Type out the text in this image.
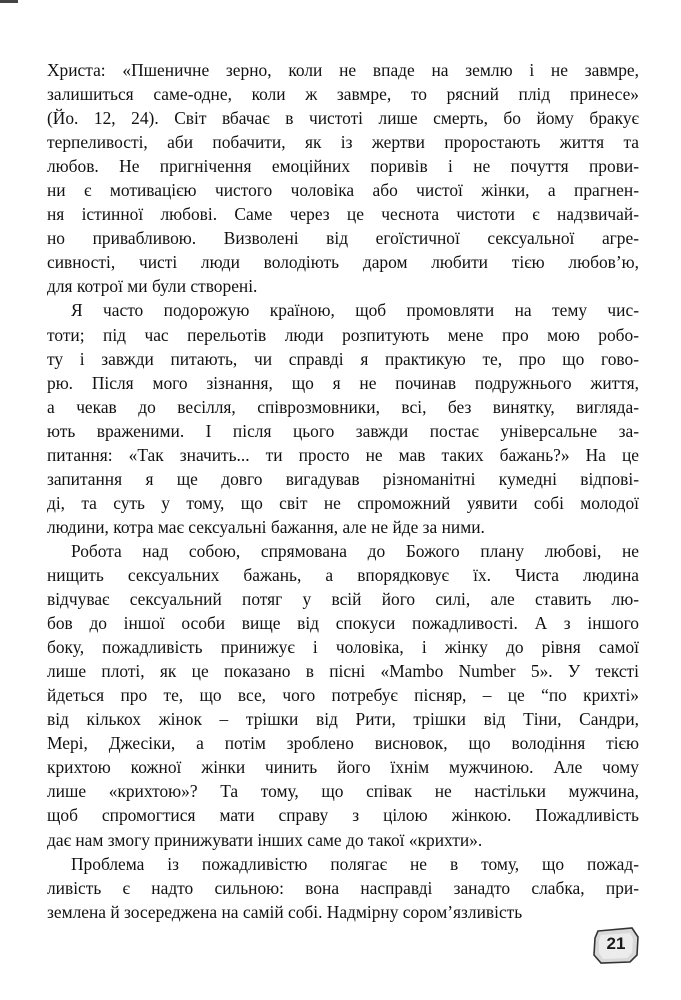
Христа: «Пшеничне зерно, коли не впаде на землю і не завмре,
залишиться саме-одне, коли ж завмре, то рясний плід принесе»
(Йо. 12, 24). Світ вбачає в чистоті лише смерть, бо йому бракує
терпеливості, аби побачити, як із жертви проростають життя та
любов. Не пригнічення емоційних поривів і не почуття прови-
ни є мотивацією чистого чоловіка або чистої жінки, а прагнен-
ня істинної любові. Саме через це чеснота чистоти є надзвичай-
но привабливою. Визволені від егоїстичної сексуальної агре-
сивності, чисті люди володіють даром любити тією любов’ю,
для котрої ми були створені.
Я часто подорожую країною, щоб промовляти на тему чис-
тоти; під час перельотів люди розпитують мене про мою робо-
ту і завжди питають, чи справді я практикую те, про що гово-
рю. Після мого зізнання, що я не починав подружнього життя,
а чекав до весілля, співрозмовники, всі, без винятку, вигляда-
ють враженими. І після цього завжди постає універсальне за-
питання: «Так значить... ти просто не мав таких бажань?» На це
запитання я ще довго вигадував різноманітні кумедні відпові-
ді, та суть у тому, що світ не спроможний уявити собі молодої
людини, котра має сексуальні бажання, але не йде за ними.
Робота над собою, спрямована до Божого плану любові, не
нищить сексуальних бажань, а впорядковує їх. Чиста людина
відчуває сексуальний потяг у всій його силі, але ставить лю-
бов до іншої особи вище від спокуси пожадливості. А з іншого
боку, пожадливість принижує і чоловіка, і жінку до рівня самої
лише плоті, як це показано в пісні «Mambo Number 5». У тексті
йдеться про те, що все, чого потребує пісняр, – це “по крихті»
від кількох жінок – трішки від Рити, трішки від Тіни, Сандри,
Мері, Джесіки, а потім зроблено висновок, що володіння тією
крихтою кожної жінки чинить його їхнім мужчиною. Але чому
лише «крихтою»? Та тому, що співак не настільки мужчина,
щоб спромогтися мати справу з цілою жінкою. Пожадливість
дає нам змогу принижувати інших саме до такої «крихти».
Проблема із пожадливістю полягає не в тому, що пожад-
ливість є надто сильною: вона насправді занадто слабка, при-
землена й зосереджена на самій собі. Надмірну сором’язливість
21
